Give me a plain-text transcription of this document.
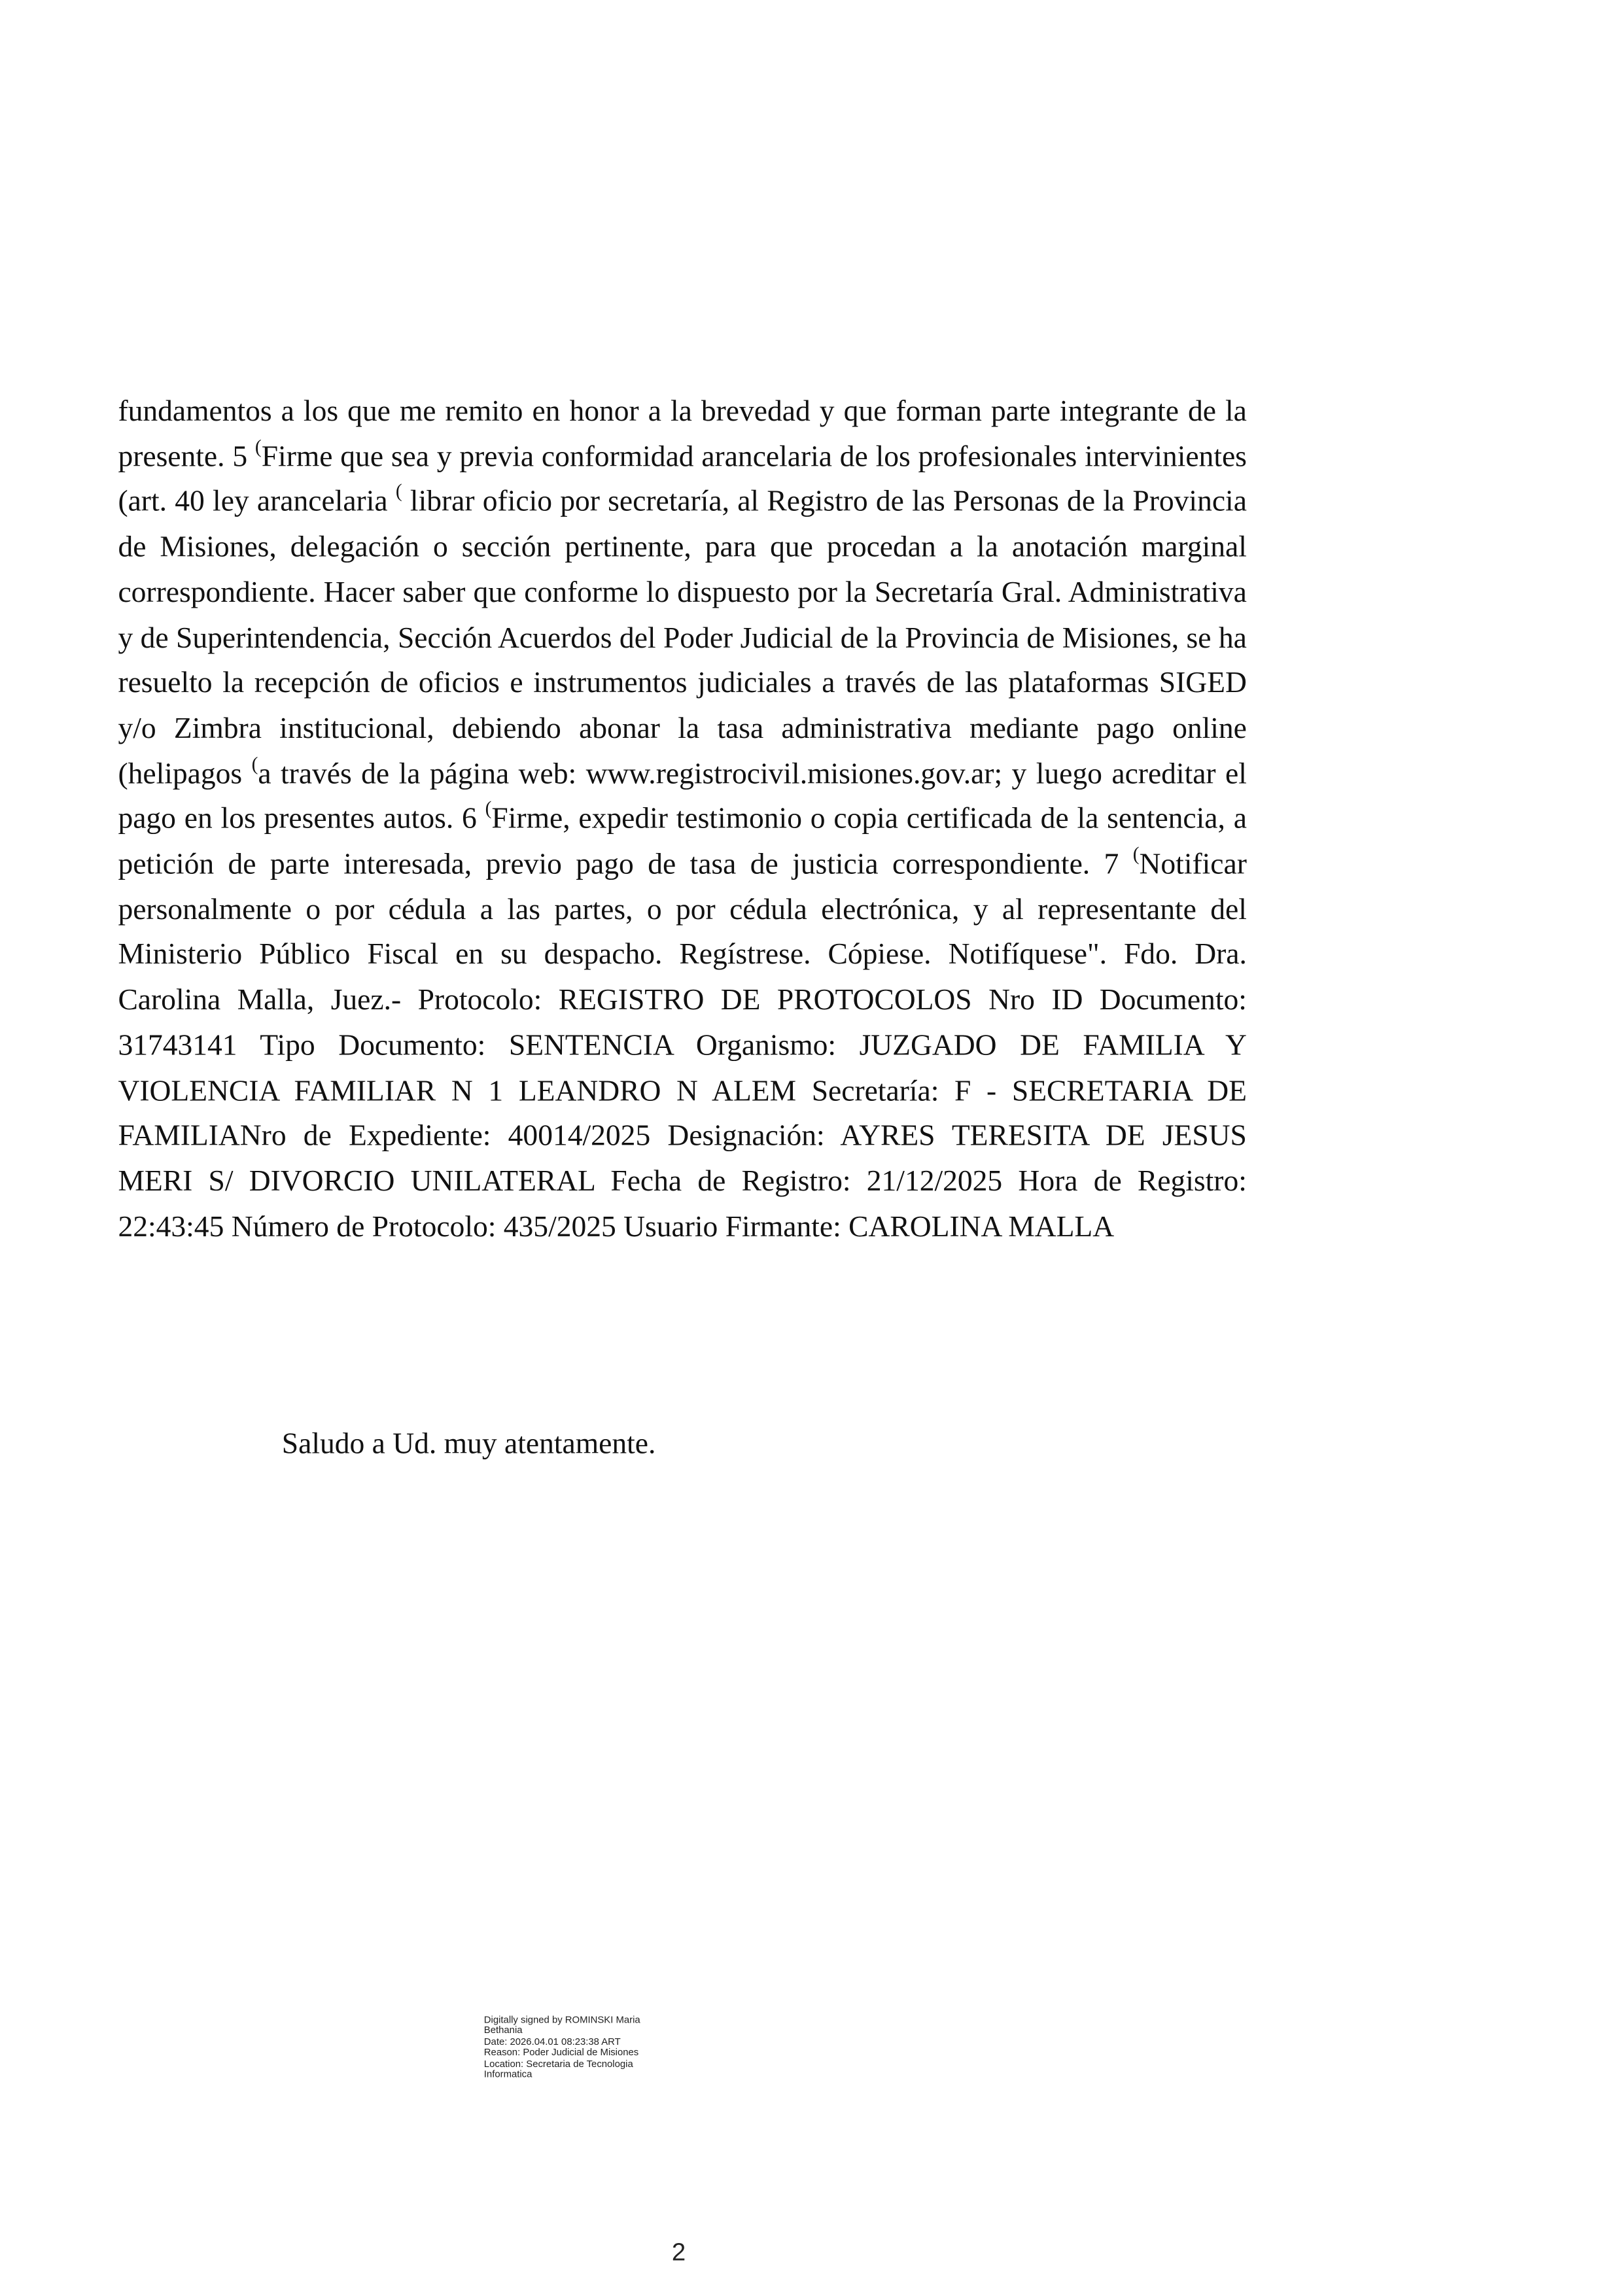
fundamentos a los que me remito en honor a la brevedad y que forman parte integrante de la presente. 5 (Firme que sea y previa conformidad arancelaria de los profesionales intervinientes (art. 40 ley arancelaria ( librar oficio por secretaría, al Registro de las Personas de la Provincia de Misiones, delegación o sección pertinente, para que procedan a la anotación marginal correspondiente. Hacer saber que conforme lo dispuesto por la Secretaría Gral. Administrativa y de Superintendencia, Sección Acuerdos del Poder Judicial de la Provincia de Misiones, se ha resuelto la recepción de oficios e instrumentos judiciales a través de las plataformas SIGED y/o Zimbra institucional, debiendo abonar la tasa administrativa mediante pago online (helipagos (a través de la página web: www.registrocivil.misiones.gov.ar; y luego acreditar el pago en los presentes autos. 6 (Firme, expedir testimonio o copia certificada de la sentencia, a petición de parte interesada, previo pago de tasa de justicia correspondiente. 7 (Notificar personalmente o por cédula a las partes, o por cédula electrónica, y al representante del Ministerio Público Fiscal en su despacho. Regístrese. Cópiese. Notifíquese". Fdo. Dra. Carolina Malla, Juez.- Protocolo: REGISTRO DE PROTOCOLOS Nro ID Documento: 31743141 Tipo Documento: SENTENCIA Organismo: JUZGADO DE FAMILIA Y VIOLENCIA FAMILIAR N 1 LEANDRO N ALEM Secretaría: F - SECRETARIA DE FAMILIANro de Expediente: 40014/2025 Designación: AYRES TERESITA DE JESUS MERI S/ DIVORCIO UNILATERAL Fecha de Registro: 21/12/2025 Hora de Registro: 22:43:45 Número de Protocolo: 435/2025 Usuario Firmante: CAROLINA MALLA

Saludo a Ud. muy atentamente.

Digitally signed by ROMINSKI Maria
Bethania
Date: 2026.04.01 08:23:38 ART
Reason: Poder Judicial de Misiones
Location: Secretaria de Tecnologia
Informatica
2
